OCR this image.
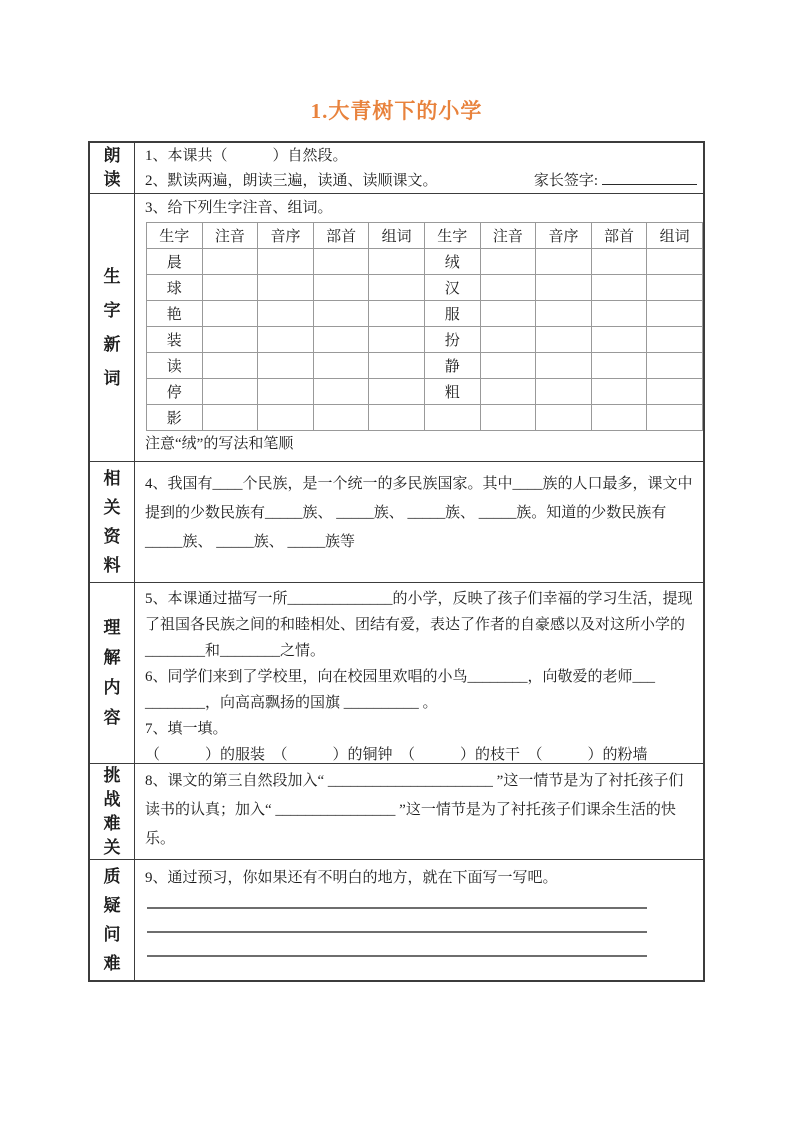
1.大青树下的小学
朗读
1、本课共（　　　）自然段。
2、默读两遍，朗读三遍，读通、读顺课文。	家长签字:
生字新词
3、给下列生字注音、组词。
生字	注音	音序	部首	组词	生字	注音	音序	部首	组词
晨					绒				
球					汉				
艳					服				
装					扮				
读					静				
停					粗				
影									
注意“绒”的写法和笔顺
相关资料

4、我国有____个民族，是一个统一的多民族国家。其中____族的人口最多，课文中提到的少数民族有_____族、 _____族、 _____族、 _____族。知道的少数民族有_____族、 _____族、 _____族等

理解内容

5、本课通过描写一所______________的小学，反映了孩子们幸福的学习生活，提现了祖国各民族之间的和睦相处、团结有爱，表达了作者的自豪感以及对这所小学的________和________之情。

6、同学们来到了学校里，向在校园里欢唱的小鸟________，向敬爱的老师___ ________，向高高飘扬的国旗 __________ 。

7、填一填。

（　　　）的服装　（　　　）的铜钟　（　　　）的枝干　（　　　）的粉墙

挑战难关

8、课文的第三自然段加入“ ______________________ ”这一情节是为了衬托孩子们读书的认真；加入“ ________________ ”这一情节是为了衬托孩子们课余生活的快乐。

质疑问难
9、通过预习，你如果还有不明白的地方，就在下面写一写吧。
